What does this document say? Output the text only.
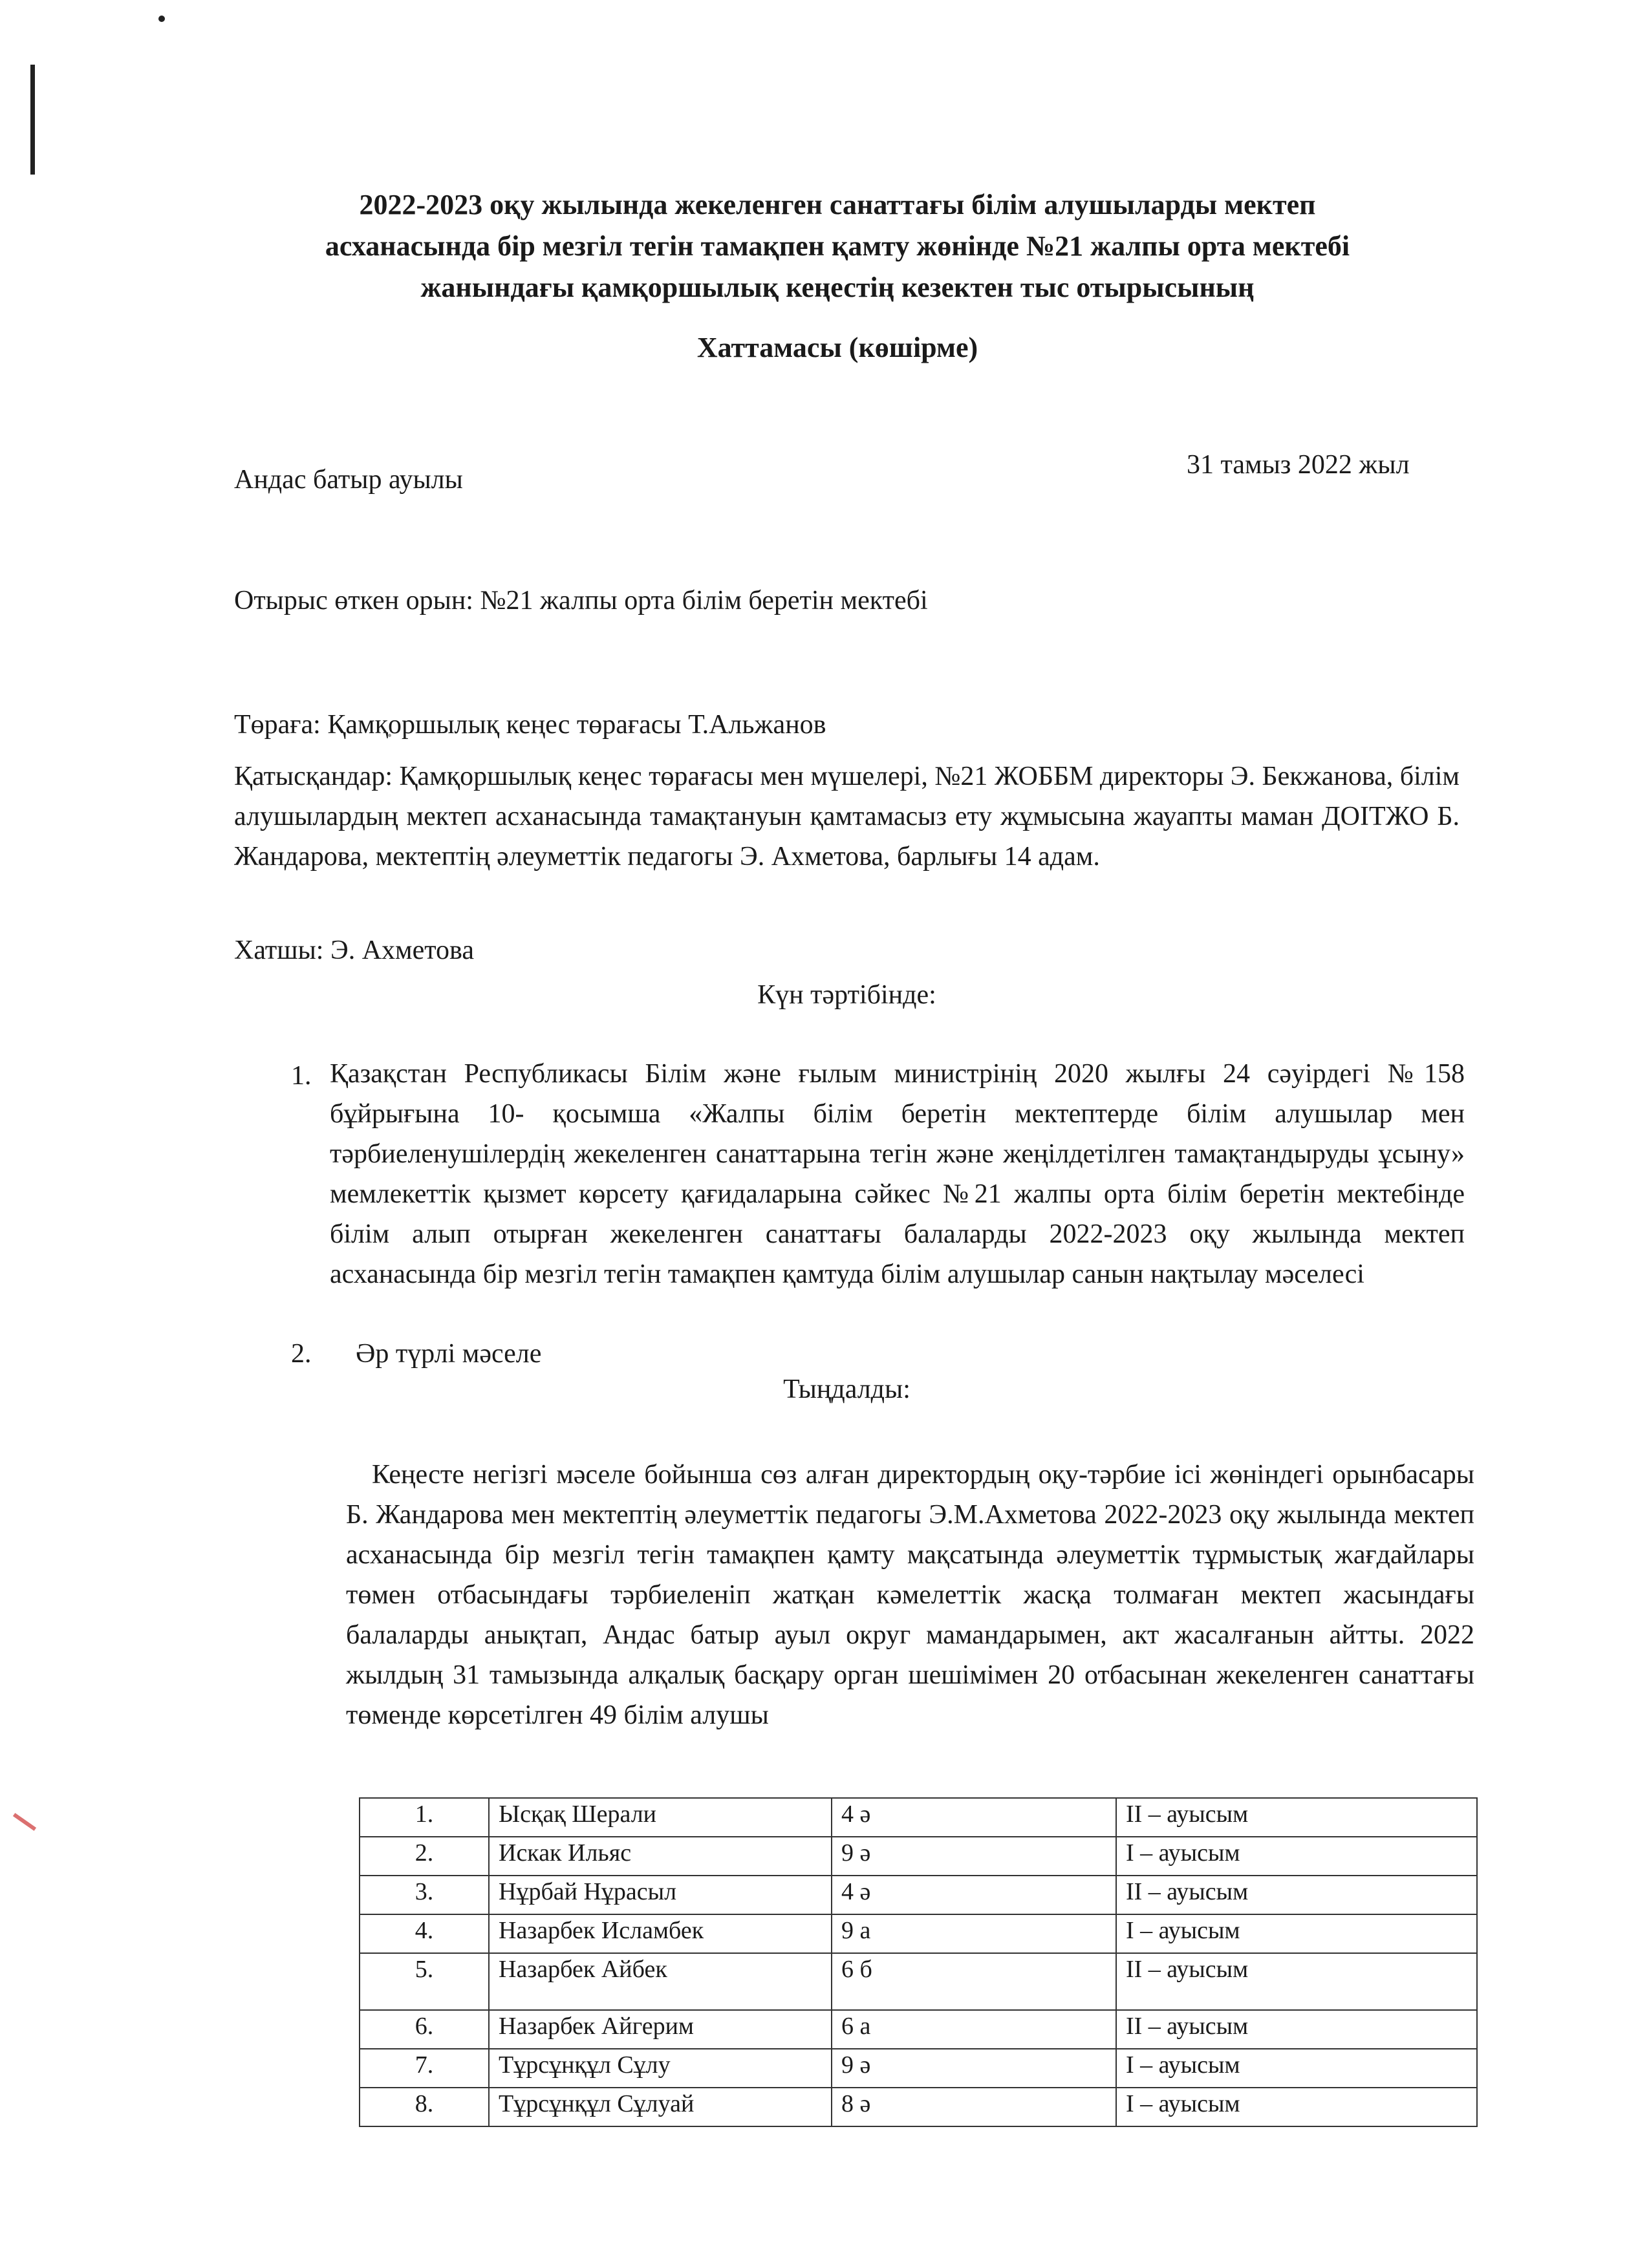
2022-2023 оқу жылында жекеленген санаттағы білім алушыларды мектеп
асханасында бір мезгіл тегін тамақпен қамту жөнінде №21 жалпы орта мектебі
жанындағы қамқоршылық кеңестің кезектен тыс отырысының
Хаттамасы (көшірме)
Андас батыр ауылы	31 тамыз 2022 жыл
Отырыс өткен орын: №21 жалпы орта білім беретін мектебі
Төраға: Қамқоршылық кеңес төрағасы Т.Альжанов
Қатысқандар: Қамқоршылық кеңес төрағасы мен мүшелері, №21 ЖОББМ директоры Э. Бекжанова, білім алушылардың мектеп асханасында тамақтануын қамтамасыз ету жұмысына жауапты маман ДОІТЖО Б. Жандарова, мектептің әлеуметтік педагогы Э. Ахметова, барлығы 14 адам.
Хатшы: Э. Ахметова
Күн тәртібінде:
1. Қазақстан Республикасы Білім және ғылым министрінің 2020 жылғы 24 сәуірдегі №158 бұйрығына 10- қосымша «Жалпы білім беретін мектептерде білім алушылар мен тәрбиеленушілердің жекеленген санаттарына тегін және жеңілдетілген тамақтандыруды ұсыну» мемлекеттік қызмет көрсету қағидаларына сәйкес №21 жалпы орта білім беретін мектебінде білім алып отырған жекеленген санаттағы балаларды 2022-2023 оқу жылында мектеп асханасында бір мезгіл тегін тамақпен қамтуда білім алушылар санын нақтылау мәселесі
2. Әр түрлі мәселе
Тыңдалды:
Кеңесте негізгі мәселе бойынша сөз алған директордың оқу-тәрбие ісі жөніндегі орынбасары Б. Жандарова мен мектептің әлеуметтік педагогы Э.М.Ахметова 2022-2023 оқу жылында мектеп асханасында бір мезгіл тегін тамақпен қамту мақсатында әлеуметтік тұрмыстық жағдайлары төмен отбасындағы тәрбиеленіп жатқан кәмелеттік жасқа толмаған мектеп жасындағы балаларды анықтап, Андас батыр ауыл округ мамандарымен, акт жасалғанын айтты. 2022 жылдың 31 тамызында алқалық басқару орган шешімімен 20 отбасынан жекеленген санаттағы төменде көрсетілген 49 білім алушы
1.	Ысқақ Шерали	4 ә	II – ауысым
2.	Искак Ильяс	9 ә	I – ауысым
3.	Нұрбай Нұрасыл	4 ә	II – ауысым
4.	Назарбек Исламбек	9 а	I – ауысым
5.	Назарбек Айбек	6 б	II – ауысым
6.	Назарбек Айгерим	6 а	II – ауысым
7.	Тұрсұнқұл Сұлу	9 ә	I – ауысым
8.	Тұрсұнқұл Сұлуай	8 ә	I – ауысым
